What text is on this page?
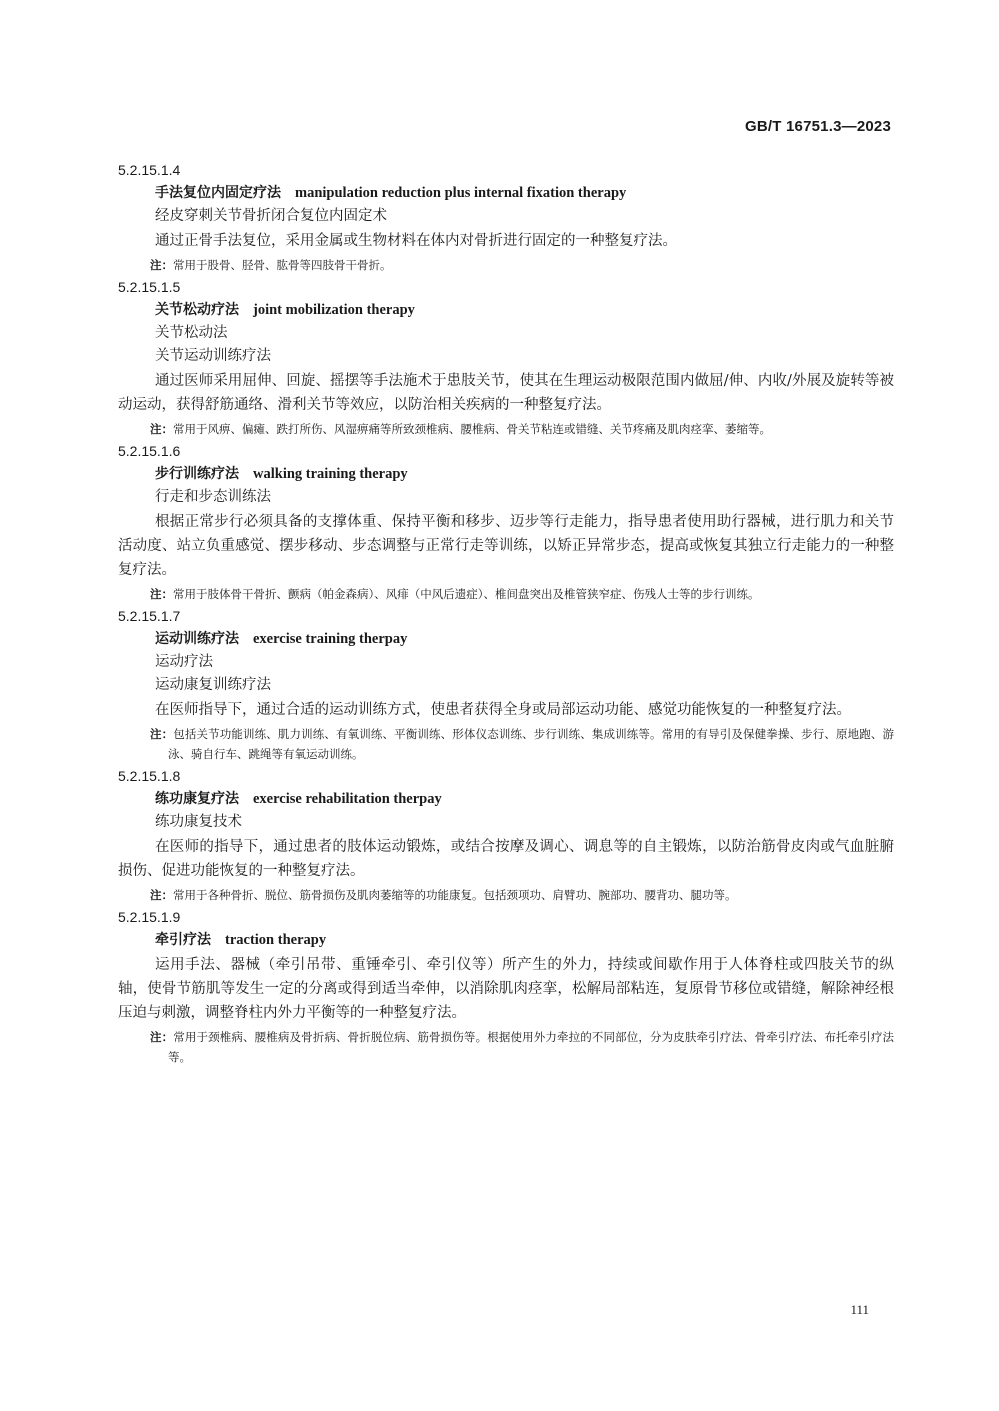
GB/T 16751.3—2023

5.2.15.1.4

手法复位内固定疗法 manipulation reduction plus internal fixation therapy

经皮穿刺关节骨折闭合复位内固定术

通过正骨手法复位，采用金属或生物材料在体内对骨折进行固定的一种整复疗法。

注：常用于股骨、胫骨、肱骨等四肢骨干骨折。

5.2.15.1.5

关节松动疗法 joint mobilization therapy

关节松动法

关节运动训练疗法

通过医师采用屈伸、回旋、摇摆等手法施术于患肢关节，使其在生理运动极限范围内做屈/伸、内收/外展及旋转等被动运动，获得舒筋通络、滑利关节等效应，以防治相关疾病的一种整复疗法。

注：常用于风痹、偏瘫、跌打所伤、风湿痹痛等所致颈椎病、腰椎病、骨关节粘连或错缝、关节疼痛及肌肉痉挛、萎缩等。

5.2.15.1.6

步行训练疗法 walking training therapy

行走和步态训练法

根据正常步行必须具备的支撑体重、保持平衡和移步、迈步等行走能力，指导患者使用助行器械，进行肌力和关节活动度、站立负重感觉、摆步移动、步态调整与正常行走等训练，以矫正异常步态，提高或恢复其独立行走能力的一种整复疗法。

注：常用于肢体骨干骨折、颤病（帕金森病）、风痱（中风后遗症）、椎间盘突出及椎管狭窄症、伤残人士等的步行训练。

5.2.15.1.7

运动训练疗法 exercise training therpay

运动疗法

运动康复训练疗法

在医师指导下，通过合适的运动训练方式，使患者获得全身或局部运动功能、感觉功能恢复的一种整复疗法。

注：包括关节功能训练、肌力训练、有氧训练、平衡训练、形体仪态训练、步行训练、集成训练等。常用的有导引及保健拳操、步行、原地跑、游泳、骑自行车、跳绳等有氧运动训练。

5.2.15.1.8

练功康复疗法 exercise rehabilitation therpay

练功康复技术

在医师的指导下，通过患者的肢体运动锻炼，或结合按摩及调心、调息等的自主锻炼，以防治筋骨皮肉或气血脏腑损伤、促进功能恢复的一种整复疗法。

注：常用于各种骨折、脱位、筋骨损伤及肌肉萎缩等的功能康复。包括颈项功、肩臂功、腕部功、腰背功、腿功等。

5.2.15.1.9

牵引疗法 traction therapy

运用手法、器械（牵引吊带、重锤牵引、牵引仪等）所产生的外力，持续或间歇作用于人体脊柱或四肢关节的纵轴，使骨节筋肌等发生一定的分离或得到适当牵伸，以消除肌肉痉挛，松解局部粘连，复原骨节移位或错缝，解除神经根压迫与刺激，调整脊柱内外力平衡等的一种整复疗法。

注：常用于颈椎病、腰椎病及骨折病、骨折脱位病、筋骨损伤等。根据使用外力牵拉的不同部位，分为皮肤牵引疗法、骨牵引疗法、布托牵引疗法等。

111
